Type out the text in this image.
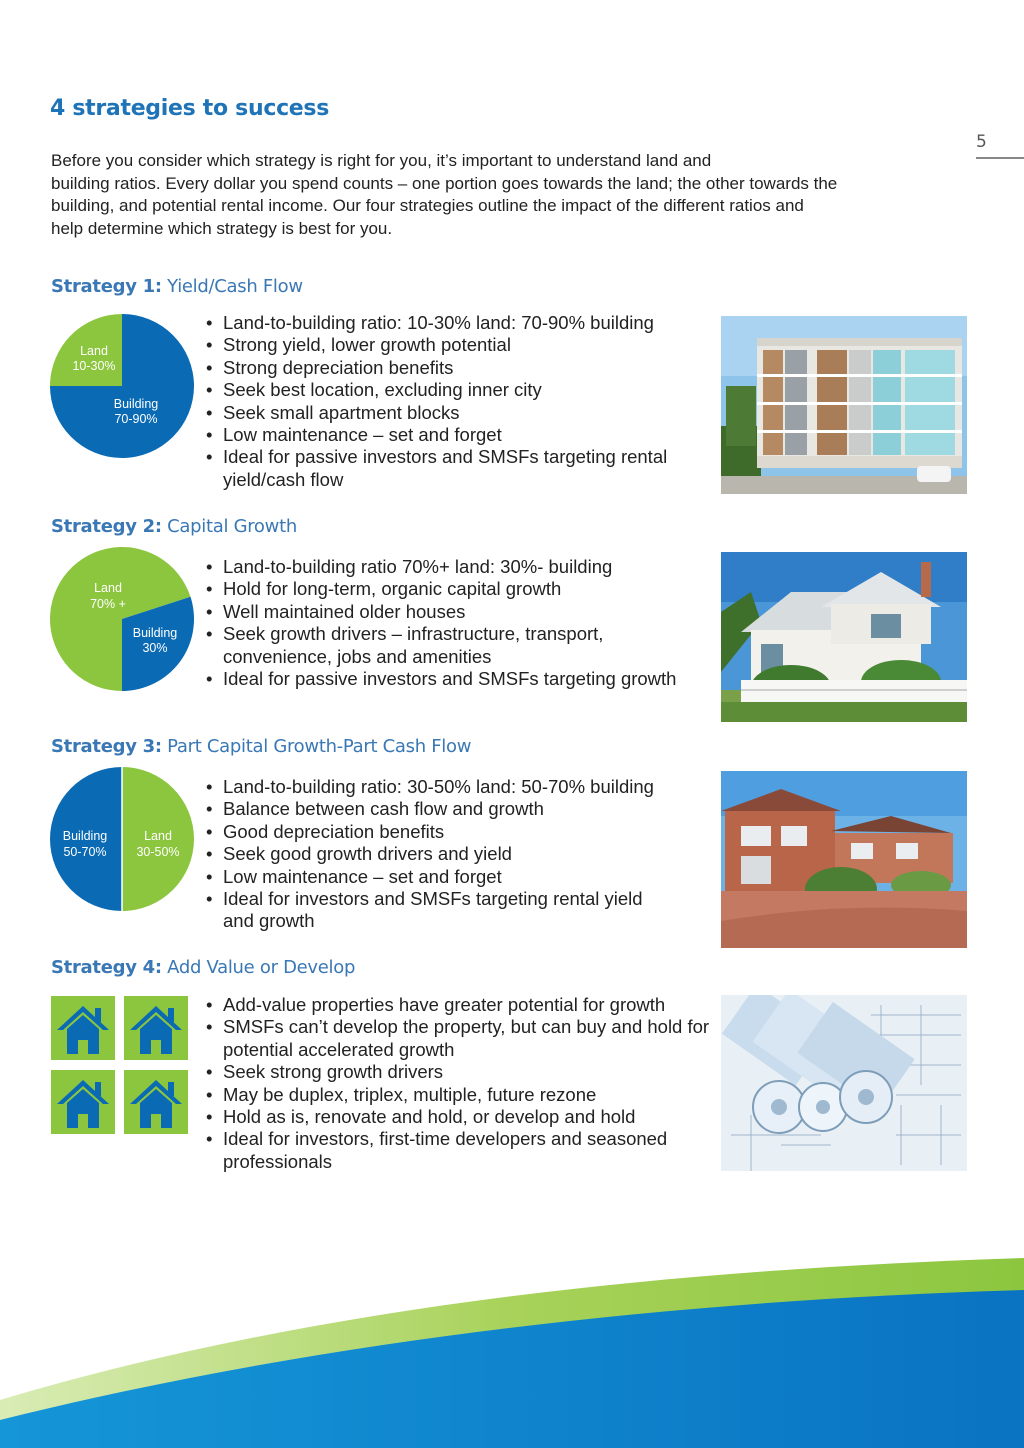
4 strategies to success
5
Before you consider which strategy is right for you, it’s important to understand land and
building ratios. Every dollar you spend counts – one portion goes towards the land; the other towards the
building, and potential rental income. Our four strategies outline the impact of the different ratios and
help determine which strategy is best for you.
Strategy 1: Yield/Cash Flow
Land
10-30%
Building
70-90%
• Land-to-building ratio: 10-30% land: 70-90% building
• Strong yield, lower growth potential
• Strong depreciation benefits
• Seek best location, excluding inner city
• Seek small apartment blocks
• Low maintenance – set and forget
• Ideal for passive investors and SMSFs targeting rental yield/cash flow
Strategy 2: Capital Growth
Land
70% +
Building
30%
• Land-to-building ratio 70%+ land: 30%- building
• Hold for long-term, organic capital growth
• Well maintained older houses
• Seek growth drivers – infrastructure, transport, convenience, jobs and amenities
• Ideal for passive investors and SMSFs targeting growth
Strategy 3: Part Capital Growth-Part Cash Flow
Building
50-70%
Land
30-50%
• Land-to-building ratio: 30-50% land: 50-70% building
• Balance between cash flow and growth
• Good depreciation benefits
• Seek good growth drivers and yield
• Low maintenance – set and forget
• Ideal for investors and SMSFs targeting rental yield and growth
Strategy 4: Add Value or Develop
• Add-value properties have greater potential for growth
• SMSFs can’t develop the property, but can buy and hold for potential accelerated growth
• Seek strong growth drivers
• May be duplex, triplex, multiple, future rezone
• Hold as is, renovate and hold, or develop and hold
• Ideal for investors, first-time developers and seasoned professionals
